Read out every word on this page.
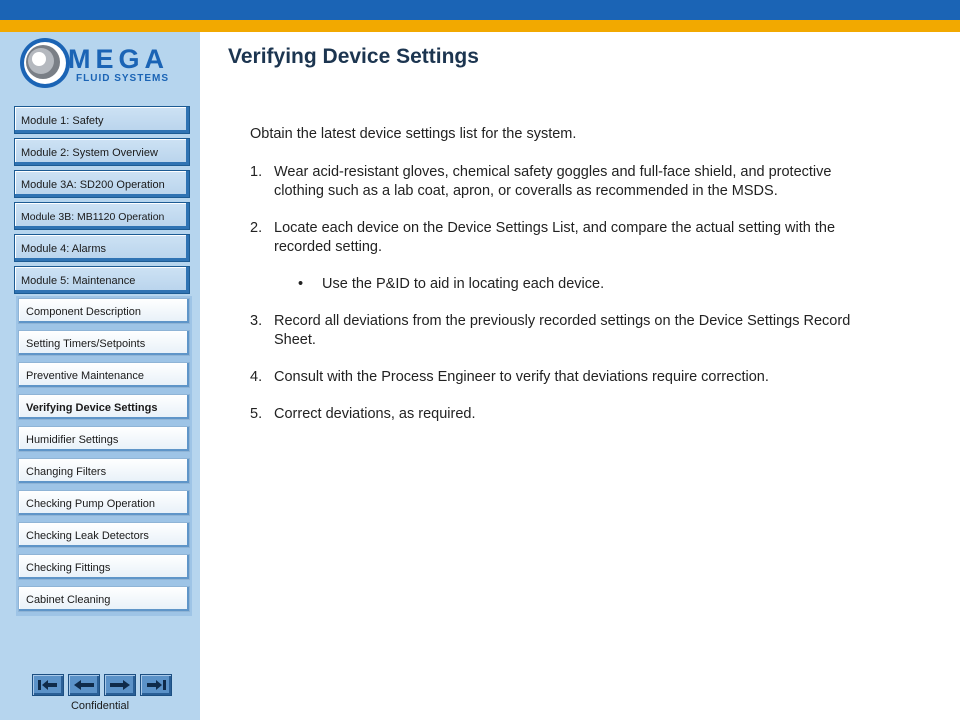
MEGA
FLUID SYSTEMS
Verifying Device Settings
Module 1: Safety
Module 2: System Overview
Module 3A: SD200 Operation
Module 3B: MB1120 Operation
Module 4: Alarms
Module 5: Maintenance
Component Description
Setting Timers/Setpoints
Preventive Maintenance
Verifying Device Settings
Humidifier Settings
Changing Filters
Checking Pump Operation
Checking Leak Detectors
Checking Fittings
Cabinet Cleaning

Obtain the latest device settings list for the system.

1. Wear acid-resistant gloves, chemical safety goggles and full-face shield, and protective clothing such as a lab coat, apron, or coveralls as recommended in the MSDS.
2. Locate each device on the Device Settings List, and compare the actual setting with the recorded setting.
• Use the P&ID to aid in locating each device.
3. Record all deviations from the previously recorded settings on the Device Settings Record Sheet.
4. Consult with the Process Engineer to verify that deviations require correction.
5. Correct deviations, as required.
Confidential
